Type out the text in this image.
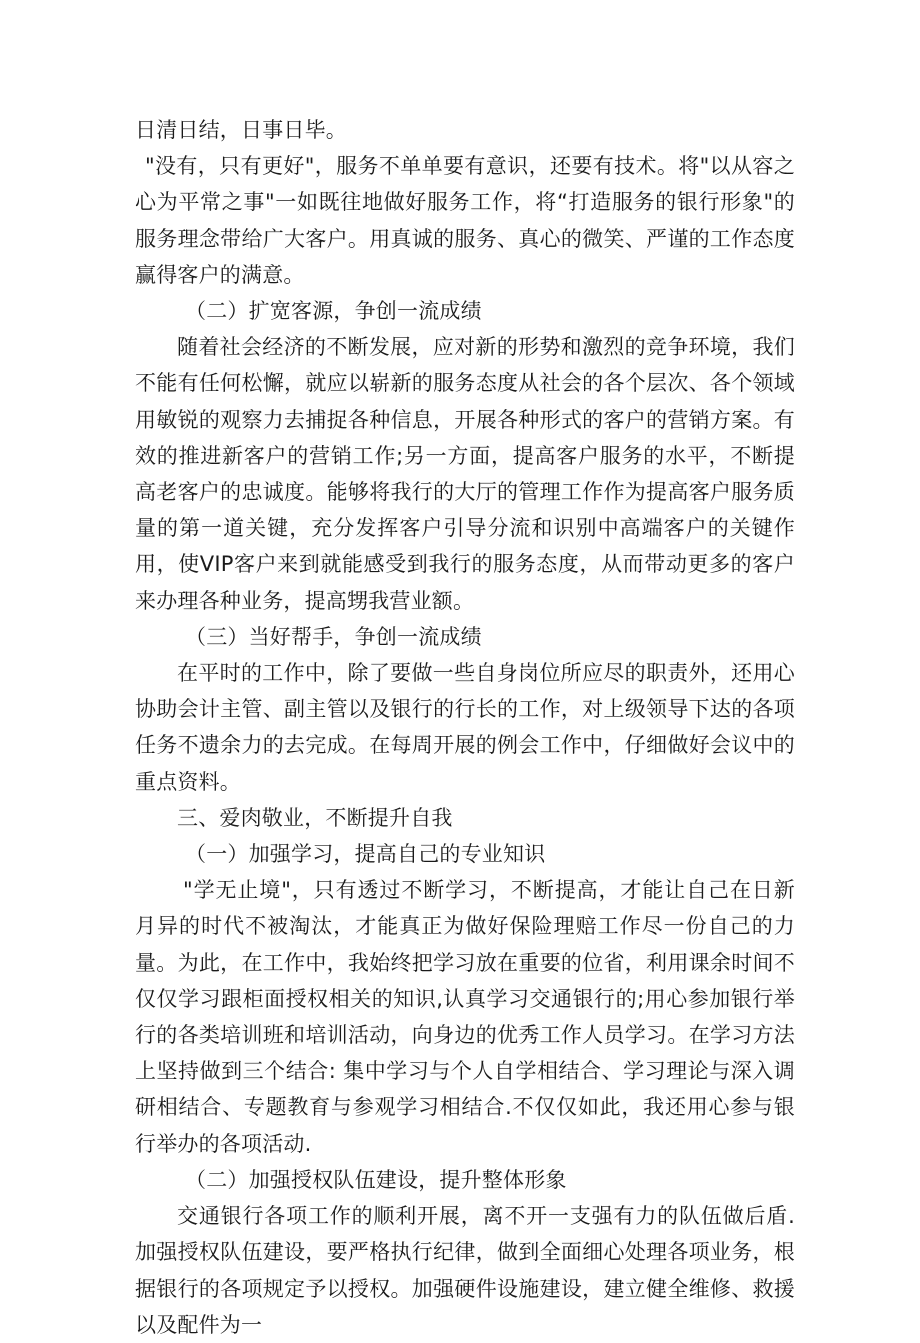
日清日结，日事日毕。

"没有，只有更好"，服务不单单要有意识，还要有技术。将"以从容之心为平常之事"一如既往地做好服务工作，将“打造服务的银行形象"的服务理念带给广大客户。用真诚的服务、真心的微笑、严谨的工作态度赢得客户的满意。

（二）扩宽客源，争创一流成绩

随着社会经济的不断发展，应对新的形势和激烈的竞争环境，我们不能有任何松懈，就应以崭新的服务态度从社会的各个层次、各个领域用敏锐的观察力去捕捉各种信息，开展各种形式的客户的营销方案。有效的推进新客户的营销工作;另一方面，提高客户服务的水平，不断提高老客户的忠诚度。能够将我行的大厅的管理工作作为提高客户服务质量的第一道关键，充分发挥客户引导分流和识别中高端客户的关键作用，使VIP客户来到就能感受到我行的服务态度，从而带动更多的客户来办理各种业务，提高甥我营业额。

（三）当好帮手，争创一流成绩

在平时的工作中，除了要做一些自身岗位所应尽的职责外，还用心协助会计主管、副主管以及银行的行长的工作，对上级领导下达的各项任务不遗余力的去完成。在每周开展的例会工作中，仔细做好会议中的重点资料。

三、爱肉敬业，不断提升自我

（一）加强学习，提高自己的专业知识

"学无止境"，只有透过不断学习，不断提高，才能让自己在日新月异的时代不被淘汰，才能真正为做好保险理赔工作尽一份自己的力量。为此，在工作中，我始终把学习放在重要的位省，利用课余时间不仅仅学习跟柜面授权相关的知识,认真学习交通银行的;用心参加银行举行的各类培训班和培训活动，向身边的优秀工作人员学习。在学习方法上坚持做到三个结合: 集中学习与个人自学相结合、学习理论与深入调研相结合、专题教育与参观学习相结合.不仅仅如此，我还用心参与银行举办的各项活动.

（二）加强授权队伍建设，提升整体形象

交通银行各项工作的顺利开展，离不开一支强有力的队伍做后盾.加强授权队伍建设，要严格执行纪律，做到全面细心处理各项业务，根据银行的各项规定予以授权。加强硬件设施建设，建立健全维修、救援以及配件为一
